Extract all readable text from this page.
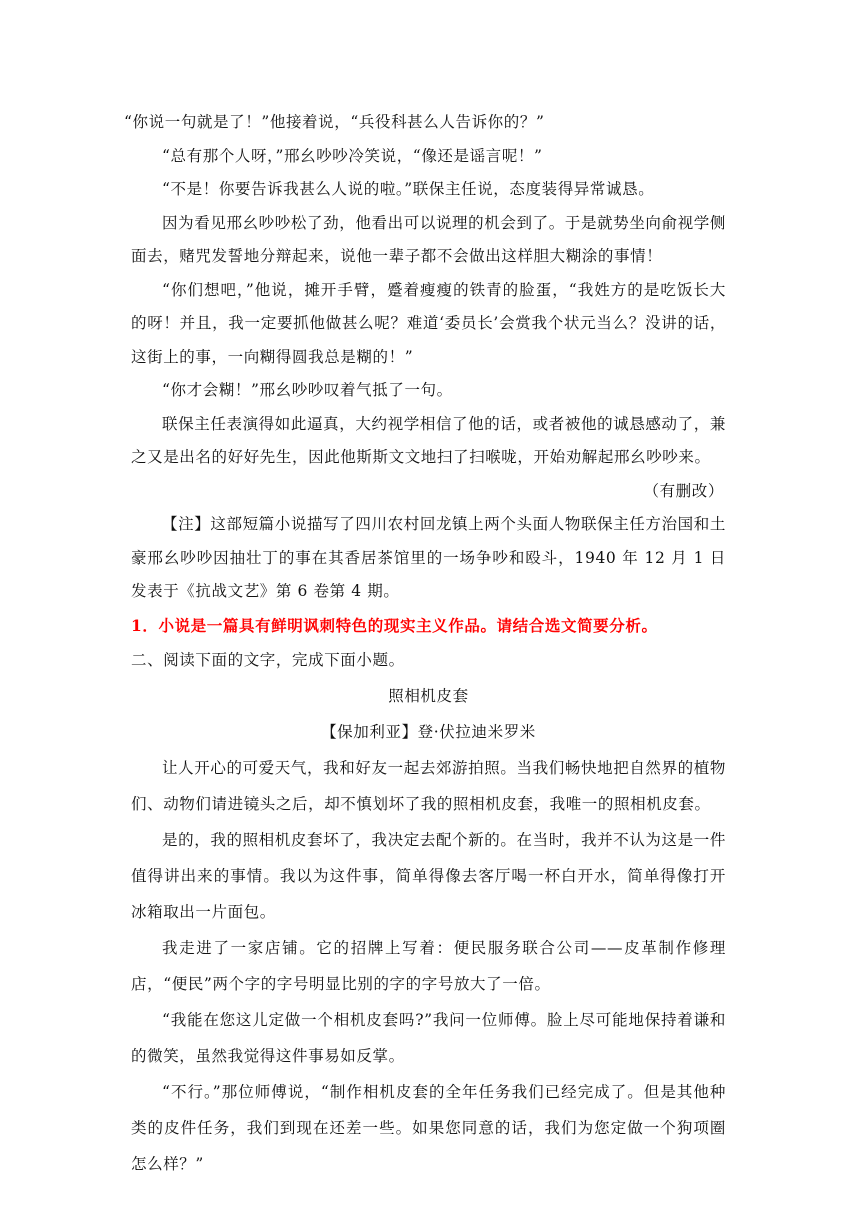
“你说一句就是了！”他接着说，“兵役科甚么人告诉你的？”

“总有那个人呀，”邢幺吵吵冷笑说，“像还是谣言呢！”

“不是！你要告诉我甚么人说的啦。”联保主任说，态度装得异常诚恳。

因为看见邢幺吵吵松了劲，他看出可以说理的机会到了。于是就势坐向俞视学侧面去，赌咒发誓地分辩起来，说他一辈子都不会做出这样胆大糊涂的事情！

“你们想吧，”他说，摊开手臂，蹙着瘦瘦的铁青的脸蛋，“我姓方的是吃饭长大的呀！并且，我一定要抓他做甚么呢？难道‘委员长’会赏我个状元当么？没讲的话，这街上的事，一向糊得圆我总是糊的！”

“你才会糊！”邢幺吵吵叹着气抵了一句。

联保主任表演得如此逼真，大约视学相信了他的话，或者被他的诚恳感动了，兼之又是出名的好好先生，因此他斯斯文文地扫了扫喉咙，开始劝解起邢幺吵吵来。

（有删改）

【注】这部短篇小说描写了四川农村回龙镇上两个头面人物联保主任方治国和土豪邢幺吵吵因抽壮丁的事在其香居茶馆里的一场争吵和殴斗，1940 年 12 月 1 日发表于《抗战文艺》第 6 卷第 4 期。

1．小说是一篇具有鲜明讽刺特色的现实主义作品。请结合选文简要分析。

二、阅读下面的文字，完成下面小题。

照相机皮套

【保加利亚】登·伏拉迪米罗米

让人开心的可爱天气，我和好友一起去郊游拍照。当我们畅快地把自然界的植物们、动物们请进镜头之后，却不慎划坏了我的照相机皮套，我唯一的照相机皮套。

是的，我的照相机皮套坏了，我决定去配个新的。在当时，我并不认为这是一件值得讲出来的事情。我以为这件事，简单得像去客厅喝一杯白开水，简单得像打开冰箱取出一片面包。

我走进了一家店铺。它的招牌上写着：便民服务联合公司——皮革制作修理店，“便民”两个字的字号明显比别的字的字号放大了一倍。

“我能在您这儿定做一个相机皮套吗?”我问一位师傅。脸上尽可能地保持着谦和的微笑，虽然我觉得这件事易如反掌。

“不行。”那位师傅说，“制作相机皮套的全年任务我们已经完成了。但是其他种类的皮件任务，我们到现在还差一些。如果您同意的话，我们为您定做一个狗项圈怎么样？”
